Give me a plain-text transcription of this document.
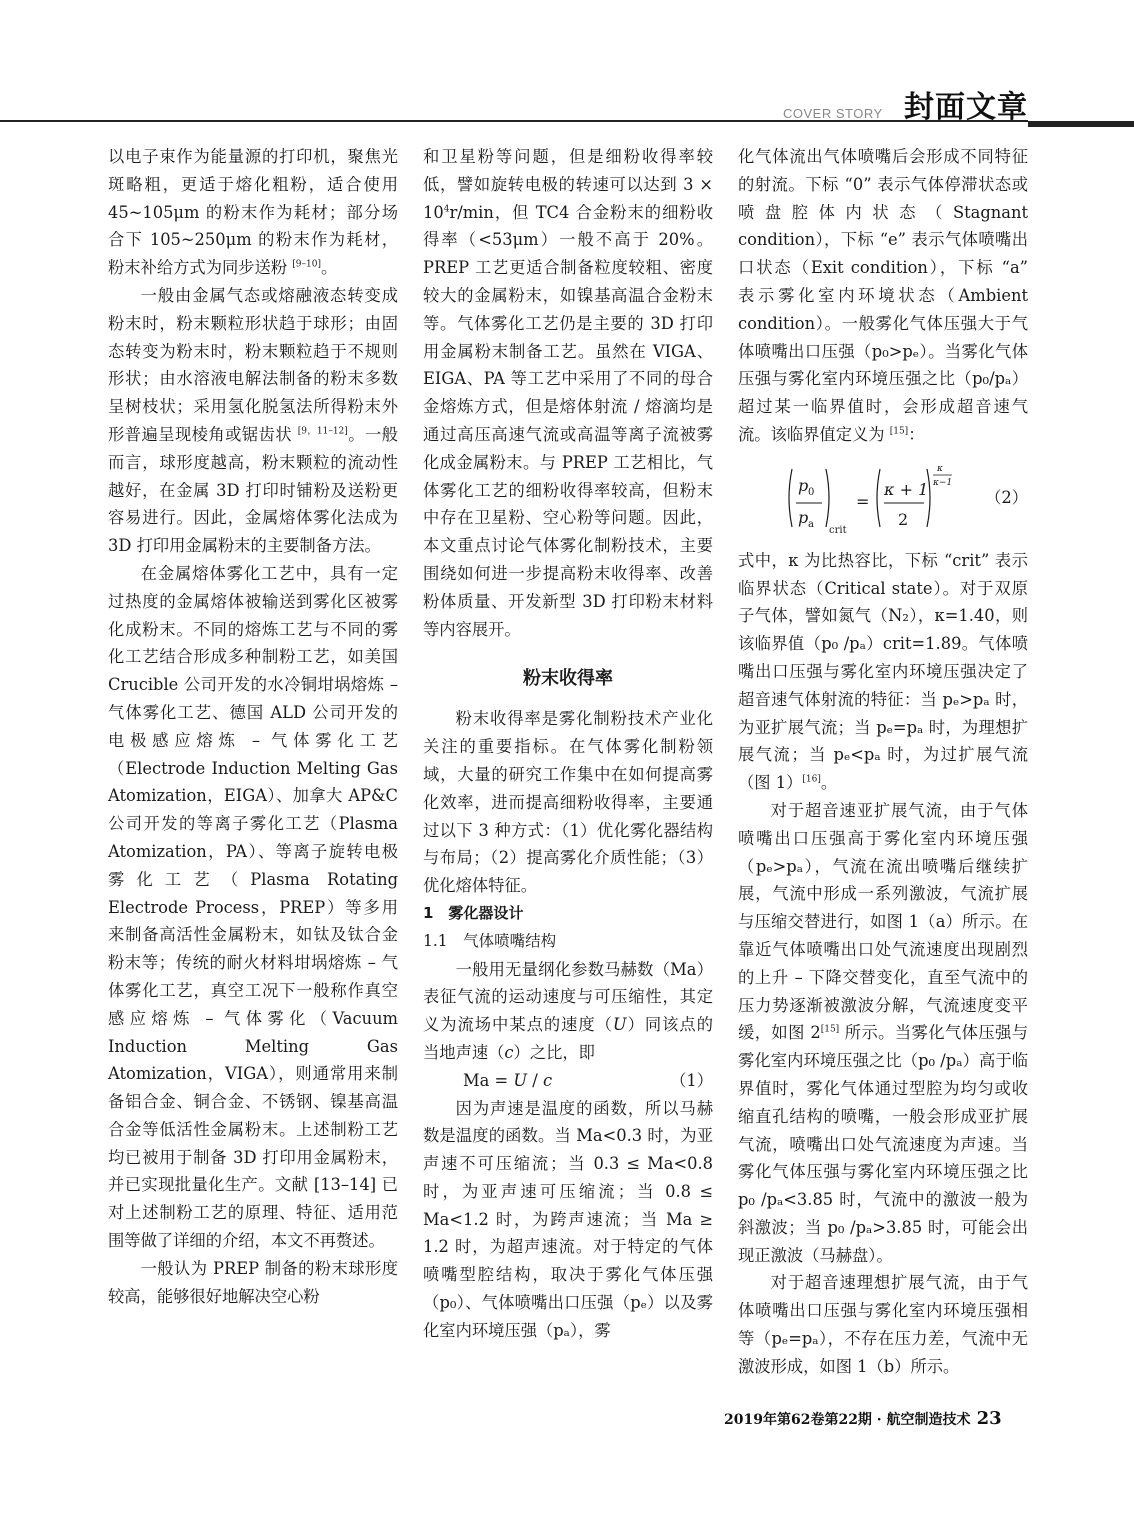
COVER STORY 封面文章

以电子束作为能量源的打印机，聚焦光斑略粗，更适于熔化粗粉，适合使用 45~105μm 的粉末作为耗材；部分场合下 105~250μm 的粉末作为耗材，粉末补给方式为同步送粉 [9–10]。

一般由金属气态或熔融液态转变成粉末时，粉末颗粒形状趋于球形；由固态转变为粉末时，粉末颗粒趋于不规则形状；由水溶液电解法制备的粉末多数呈树枝状；采用氢化脱氢法所得粉末外形普遍呈现棱角或锯齿状 [9，11–12]。一般而言，球形度越高，粉末颗粒的流动性越好，在金属 3D 打印时铺粉及送粉更容易进行。因此，金属熔体雾化法成为 3D 打印用金属粉末的主要制备方法。

在金属熔体雾化工艺中，具有一定过热度的金属熔体被输送到雾化区被雾化成粉末。不同的熔炼工艺与不同的雾化工艺结合形成多种制粉工艺，如美国 Crucible 公司开发的水冷铜坩埚熔炼 – 气体雾化工艺、德国 ALD 公司开发的电极感应熔炼 – 气体雾化工艺（Electrode Induction Melting Gas Atomization，EIGA）、加拿大 AP&C 公司开发的等离子雾化工艺（Plasma Atomization，PA）、等离子旋转电极雾化工艺（Plasma Rotating Electrode Process，PREP）等多用来制备高活性金属粉末，如钛及钛合金粉末等；传统的耐火材料坩埚熔炼 – 气体雾化工艺，真空工况下一般称作真空感应熔炼 – 气体雾化（Vacuum Induction Melting Gas Atomization，VIGA），则通常用来制备铝合金、铜合金、不锈钢、镍基高温合金等低活性金属粉末。上述制粉工艺均已被用于制备 3D 打印用金属粉末，并已实现批量化生产。文献 [13–14] 已对上述制粉工艺的原理、特征、适用范围等做了详细的介绍，本文不再赘述。

一般认为 PREP 制备的粉末球形度较高，能够很好地解决空心粉

和卫星粉等问题，但是细粉收得率较低，譬如旋转电极的转速可以达到 $3 \times 10^4r/\min$，但 TC4 合金粉末的细粉收得率（<53μm）一般不高于 20%。PREP 工艺更适合制备粒度较粗、密度较大的金属粉末，如镍基高温合金粉末等。气体雾化工艺仍是主要的 3D 打印用金属粉末制备工艺。虽然在 VIGA、EIGA、PA 等工艺中采用了不同的母合金熔炼方式，但是熔体射流 / 熔滴均是通过高压高速气流或高温等离子流被雾化成金属粉末。与 PREP 工艺相比，气体雾化工艺的细粉收得率较高，但粉末中存在卫星粉、空心粉等问题。因此，本文重点讨论气体雾化制粉技术，主要围绕如何进一步提高粉末收得率、改善粉体质量、开发新型 3D 打印粉末材料等内容展开。

粉末收得率

粉末收得率是雾化制粉技术产业化关注的重要指标。在气体雾化制粉领域，大量的研究工作集中在如何提高雾化效率，进而提高细粉收得率，主要通过以下 3 种方式：（1）优化雾化器结构与布局；（2）提高雾化介质性能；（3）优化熔体特征。

1　雾化器设计

1.1　气体喷嘴结构

一般用无量纲化参数马赫数（Ma）表征气流的运动速度与可压缩性，其定义为流场中某点的速度（U）同该点的当地声速（c）之比，即

Ma = U / c	（1）

因为声速是温度的函数，所以马赫数是温度的函数。当 Ma<0.3 时，为亚声速不可压缩流；当 0.3 ≤ Ma<0.8 时，为亚声速可压缩流；当 0.8 ≤ Ma<1.2 时，为跨声速流；当 Ma ≥ 1.2 时，为超声速流。对于特定的气体喷嘴型腔结构，取决于雾化气体压强（p₀）、气体喷嘴出口压强（pₑ）以及雾化室内环境压强（pₐ），雾

化气体流出气体喷嘴后会形成不同特征的射流。下标 “0” 表示气体停滞状态或喷盘腔体内状态（Stagnant condition），下标 “e” 表示气体喷嘴出口状态（Exit condition），下标 “a” 表示雾化室内环境状态（Ambient condition）。一般雾化气体压强大于气体喷嘴出口压强（p₀>pₑ）。当雾化气体压强与雾化室内环境压强之比（p₀/pₐ）超过某一临界值时，会形成超音速气流。该临界值定义为 [15]：

p 0
p a
crit
=
κ + 1
2
κ
κ−1
（2）

式中，κ 为比热容比，下标 “crit” 表示临界状态（Critical state）。对于双原子气体，譬如氮气（N₂），κ=1.40，则该临界值（p₀ /pₐ）crit=1.89。气体喷嘴出口压强与雾化室内环境压强决定了超音速气体射流的特征：当 pₑ>pₐ 时，为亚扩展气流；当 pₑ=pₐ 时，为理想扩展气流；当 pₑ<pₐ 时，为过扩展气流（图 1）[16]。

对于超音速亚扩展气流，由于气体喷嘴出口压强高于雾化室内环境压强（pₑ>pₐ），气流在流出喷嘴后继续扩展，气流中形成一系列激波，气流扩展与压缩交替进行，如图 1（a）所示。在靠近气体喷嘴出口处气流速度出现剧烈的上升 – 下降交替变化，直至气流中的压力势逐渐被激波分解，气流速度变平缓，如图 2[15] 所示。当雾化气体压强与雾化室内环境压强之比（p₀ /pₐ）高于临界值时，雾化气体通过型腔为均匀或收缩直孔结构的喷嘴，一般会形成亚扩展气流，喷嘴出口处气流速度为声速。当雾化气体压强与雾化室内环境压强之比 p₀ /pₐ<3.85 时，气流中的激波一般为斜激波；当 p₀ /pₐ>3.85 时，可能会出现正激波（马赫盘）。

对于超音速理想扩展气流，由于气体喷嘴出口压强与雾化室内环境压强相等（pₑ=pₐ），不存在压力差，气流中无激波形成，如图 1（b）所示。

2019年第62卷第22期 · 航空制造技术 23
